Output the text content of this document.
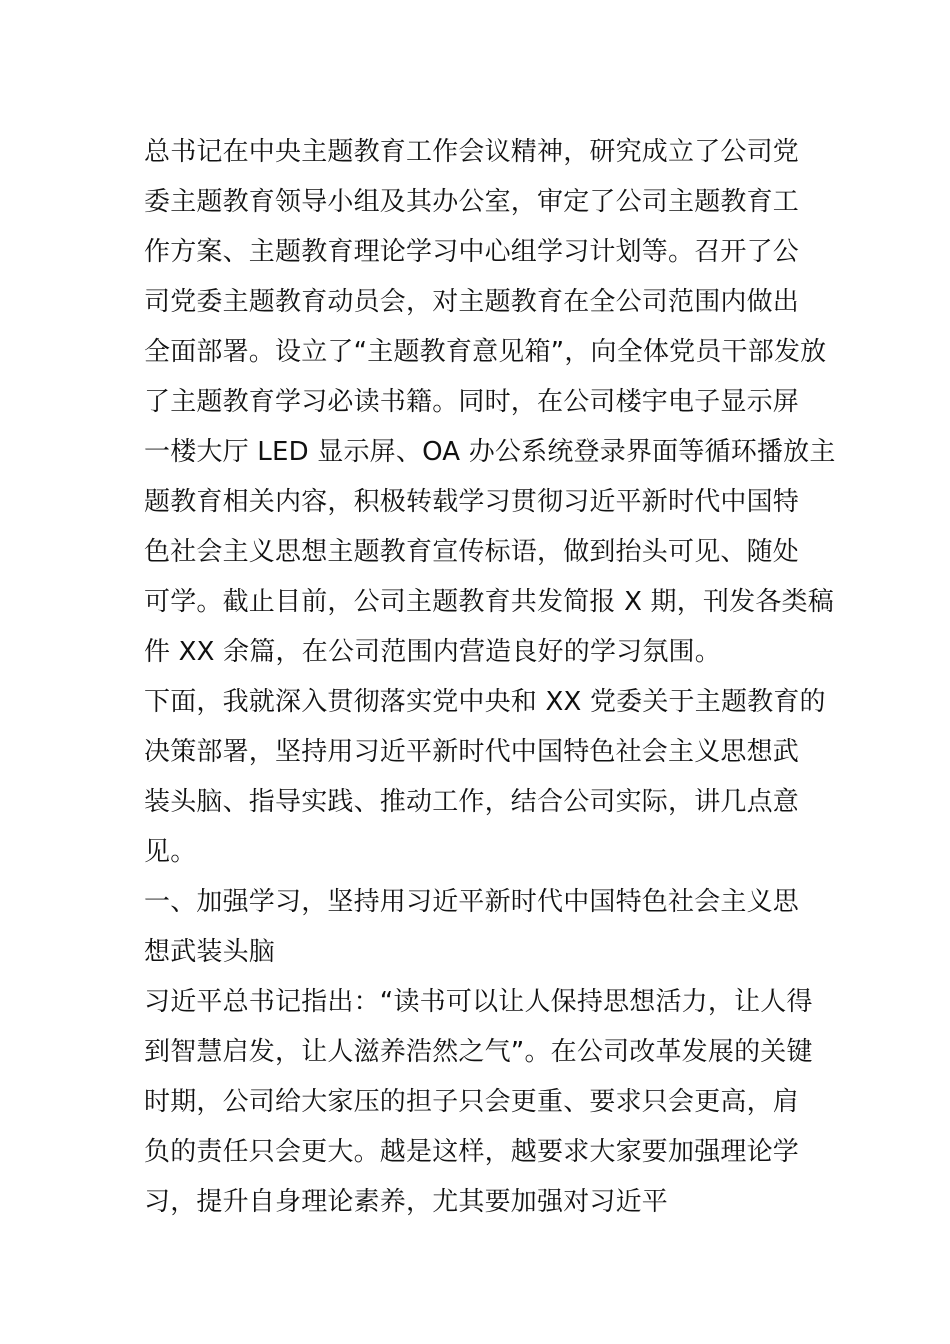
总书记在中央主题教育工作会议精神，研究成立了公司党
委主题教育领导小组及其办公室，审定了公司主题教育工
作方案、主题教育理论学习中心组学习计划等。召开了公
司党委主题教育动员会，对主题教育在全公司范围内做出
全面部署。设立了“主题教育意见箱”，向全体党员干部发放
了主题教育学习必读书籍。同时，在公司楼宇电子显示屏
一楼大厅 LED 显示屏、OA 办公系统登录界面等循环播放主
题教育相关内容，积极转载学习贯彻习近平新时代中国特
色社会主义思想主题教育宣传标语，做到抬头可见、随处
可学。截止目前，公司主题教育共发简报 X 期，刊发各类稿
件 XX 余篇，在公司范围内营造良好的学习氛围。
下面，我就深入贯彻落实党中央和 XX 党委关于主题教育的
决策部署，坚持用习近平新时代中国特色社会主义思想武
装头脑、指导实践、推动工作，结合公司实际，讲几点意
见。
一、加强学习，坚持用习近平新时代中国特色社会主义思
想武装头脑
习近平总书记指出：“读书可以让人保持思想活力，让人得
到智慧启发，让人滋养浩然之气”。在公司改革发展的关键
时期，公司给大家压的担子只会更重、要求只会更高，肩
负的责任只会更大。越是这样，越要求大家要加强理论学
习，提升自身理论素养，尤其要加强对习近平
